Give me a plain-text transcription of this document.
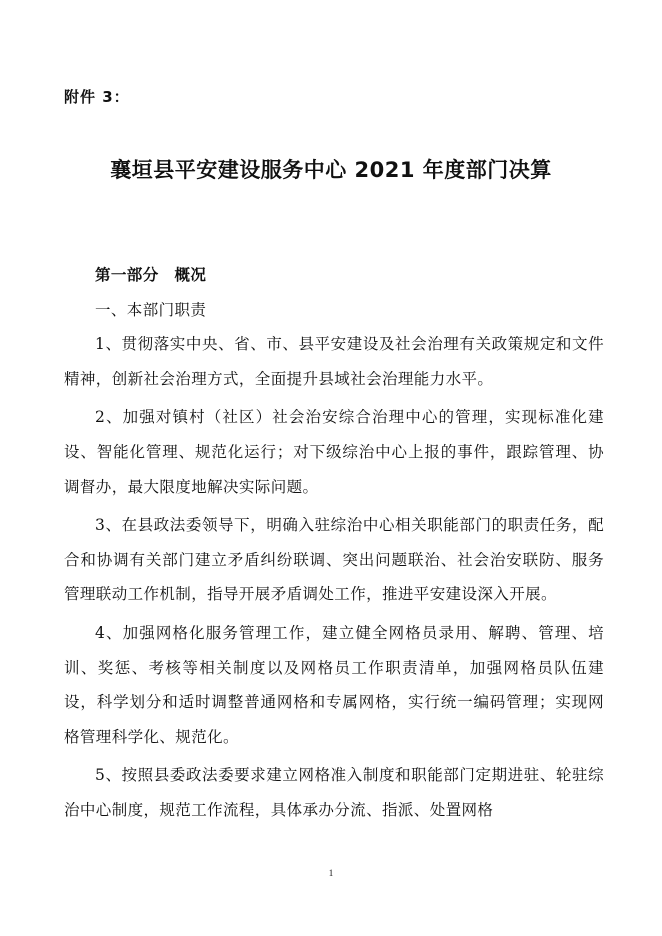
附件 3：
襄垣县平安建设服务中心 2021 年度部门决算

第一部分　概况

一、本部门职责

1、贯彻落实中央、省、市、县平安建设及社会治理有关政策规定和文件精神，创新社会治理方式，全面提升县域社会治理能力水平。

2、加强对镇村（社区）社会治安综合治理中心的管理，实现标准化建设、智能化管理、规范化运行；对下级综治中心上报的事件，跟踪管理、协调督办，最大限度地解决实际问题。

3、在县政法委领导下，明确入驻综治中心相关职能部门的职责任务，配合和协调有关部门建立矛盾纠纷联调、突出问题联治、社会治安联防、服务管理联动工作机制，指导开展矛盾调处工作，推进平安建设深入开展。

4、加强网格化服务管理工作，建立健全网格员录用、解聘、管理、培训、奖惩、考核等相关制度以及网格员工作职责清单，加强网格员队伍建设，科学划分和适时调整普通网格和专属网格，实行统一编码管理；实现网格管理科学化、规范化。

5、按照县委政法委要求建立网格准入制度和职能部门定期进驻、轮驻综治中心制度，规范工作流程，具体承办分流、指派、处置网格

1
